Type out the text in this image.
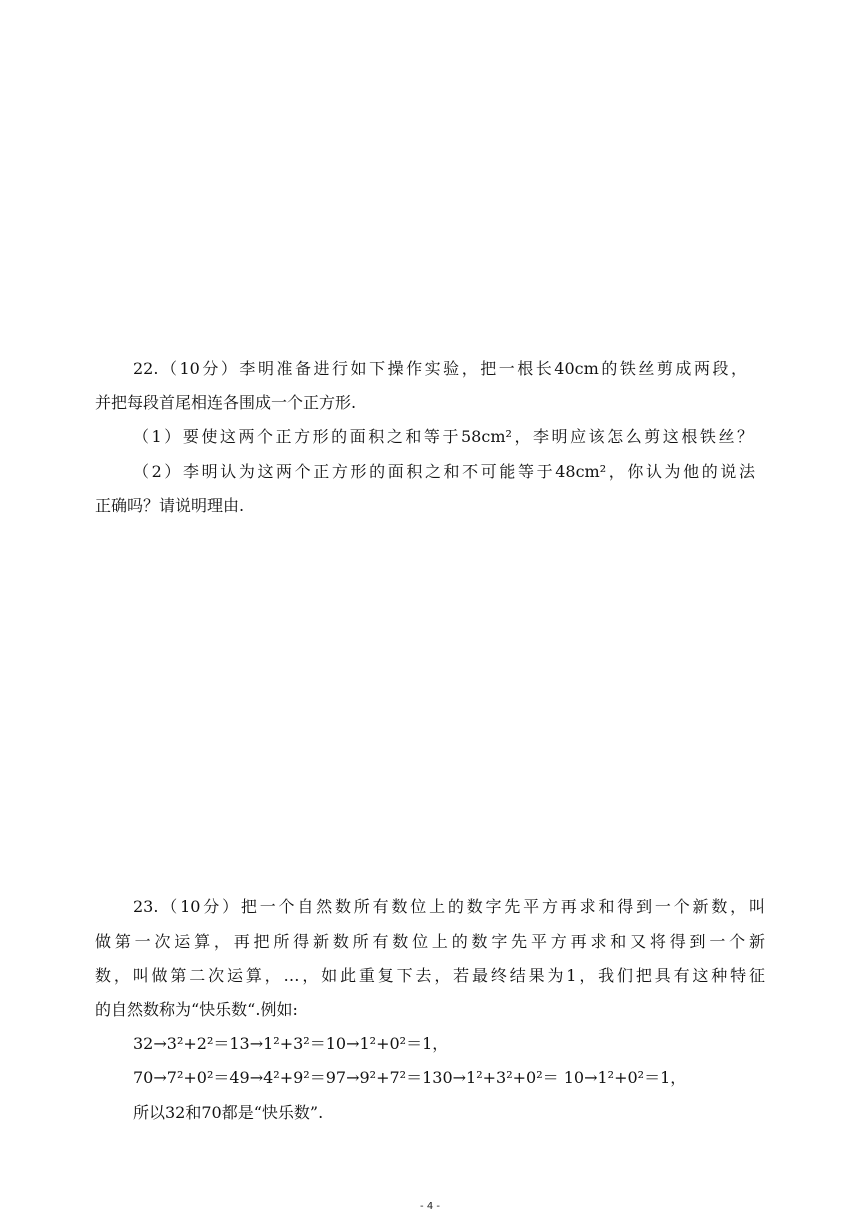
22.（10分）李明准备进行如下操作实验，把一根长40cm的铁丝剪成两段，
并把每段首尾相连各围成一个正方形.
（1）要使这两个正方形的面积之和等于58cm²，李明应该怎么剪这根铁丝？
（2）李明认为这两个正方形的面积之和不可能等于48cm²，你认为他的说法
正确吗？请说明理由.
23.（10分）把一个自然数所有数位上的数字先平方再求和得到一个新数，叫
做第一次运算，再把所得新数所有数位上的数字先平方再求和又将得到一个新
数，叫做第二次运算，…，如此重复下去，若最终结果为1，我们把具有这种特征
的自然数称为“快乐数“.例如:
32→3²+2²＝13→1²+3²＝10→1²+0²＝1，
70→7²+0²＝49→4²+9²＝97→9²+7²＝130→1²+3²+0²＝ 10→1²+0²＝1，
所以32和70都是“快乐数”.
- 4 -
